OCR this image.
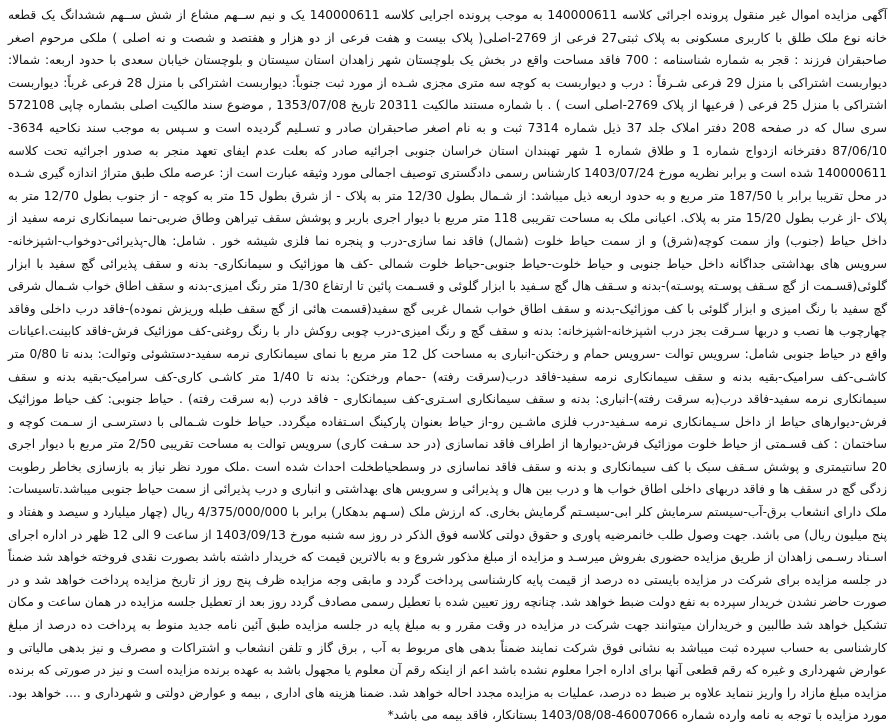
آگهی مزایده اموال غیر منقول پرونده اجرائی کلاسه 140000611 به موجب پرونده اجرایی کلاسه 140000611 یک و نیم ســهم مشاع از شش ســهم ششدانگ یک قطعه خانه نوع ملک طلق با کاربری مسکونی به پلاک ثبتی27 فرعی از 2769-اصلی( پلاک بیست و هفت فرعی از دو هزار و هفتصد و شصت و نه اصلی ) ملکی مرحوم اصغر صاحبقران فرزند : قجر به شماره شناسنامه : 700 فاقد مساحت واقع در بخش یک بلوچستان شهر زاهدان استان سیستان و بلوچستان خیابان سعدی با حدود اربعه: شمالا: دیواربست اشتراکی با منزل 29 فرعی شـرقاً : درب و دیواربست به کوچه سه متری مجزی شـده از مورد ثبت جنوباً: دیواربست اشتراکی با منزل 28 فرعی غرباً: دیواربست اشتراکی با منزل 25 فرعی ( فرعیها از پلاک 2769-اصلی است ) . با شماره مستند مالکیت 20311 تاریخ 1353/07/08 , موضوع سند مالکیت اصلی بشماره چاپی 572108 سری سال که در صفحه 208 دفتر املاک جلد 37 ذیل شماره 7314 ثبت و به نام اصغر صاحبقران صادر و تسـلیم گردیده است و سـپس به موجب سند نکاحیه 3634-87/06/10 دفترخانه ازدواج شماره 1 و طلاق شماره 1 شهر تهبندان استان خراسان جنوبی اجرائیه صادر که بعلت عدم ایفای تعهد منجر به صدور اجرائیه تحت کلاسه 140000611 شده است و برابر نظریه مورخ 1403/07/24 کارشناس رسمی دادگستری توصیف اجمالی مورد وثیقه عبارت است از: عرصه ملک طبق متراژ اندازه گیری شـده در محل تقریبا برابر با 187/50 متر مربع و به حدود اربعه ذیل میباشد: از شـمال بطول 12/30 متر به پلاک - از شرق بطول 15 متر به کوچه - از جنوب بطول 12/70 متر به پلاک -از غرب بطول 15/20 متر به پلاک. اعیانی ملک به مساحت تقریبی 118 متر مربع با دیوار اجری باربر و پوشش سقف تیراهن وطاق ضربی-نما سیمانکاری نرمه سفید از داخل حیاط (جنوب) واز سمت کوچه(شرق) و از سمت حیاط خلوت (شمال) فاقد نما سازی-درب و پنجره نما فلزی شیشه خور . شامل: هال-پذیرائی-دوخواب-اشپزخانه-سرویس های بهداشتی جداگانه داخل حیاط جنوبی و حیاط خلوت-حیاط جنوبی-حیاط خلوت شمالی -کف ها موزائیک و سیمانکاری- بدنه و سقف پذیرائی گچ سفید با ابزار گلوئی(قسـمت از گچ سـقف پوسـته پوسـته)-بدنه و سـقف هال گچ سـفید با ابزار گلوئی و قسـمت پائین تا ارتفاع 1/30 متر رنگ امیزی-بدنه و سقف اطاق خواب شـمال شرقی گچ سفید با رنگ امیزی و ابزار گلوئی با کف موزائیک-بدنه و سقف اطاق خواب شمال غربی گچ سفید(قسمت هائی از گچ سقف طبله وریزش نموده)-فاقد درب داخلی وفاقد چهارچوب ها نصب و دربها سـرقت بجز درب اشپزخانه-اشپزخانه: بدنه و سقف گچ و رنگ امیزی-درب چوبی روکش دار با رنگ روغنی-کف موزائیک فرش-فاقد کابینت.اعیانات واقع در حیاط جنوبی شامل: سرویس توالت -سرویس حمام و رختکن-انباری به مساحت کل 12 متر مربع با نمای سیمانکاری نرمه سفید-دستشوئی وتوالت: بدنه تا 0/80 متر کاشـی-کف سرامیک-بقیه بدنه و سقف سیمانکاری نرمه سفید-فاقد درب(سرقت رفته) -حمام ورختکن: بدنه تا 1/40 متر کاشـی کاری-کف سرامیک-بقیه بدنه و سقف سیمانکاری نرمه سفید-فاقد درب(به سرقت رفته)-انباری: بدنه و سقف سیمانکاری اسـتری-کف سیمانکاری - فاقد درب (به سرقت رفته) . حیاط جنوبی: کف حیاط موزائیک فرش-دیوارهای حیاط از داخل سـیمانکاری نرمه سـفید-درب فلزی ماشـین رو-از حیاط بعنوان پارکینگ اسـتفاده میگردد. حیاط خلوت شـمالی با دسترسـی از سـمت کوچه و ساختمان : کف قسـمتی از حیاط خلوت موزائیک فرش-دیوارها از اطراف فاقد نماسازی (در حد سـفت کاری) سرویس توالت به مساحت تقریبی 2/50 متر مربع با دیوار اجری 20 سانتیمتری و پوشش سـقف سبک با کف سیمانکاری و بدنه و سقف فاقد نماسازی در وسطحیاطخلت احداث شده است .ملک مورد نظر نیاز به بازسازی بخاطر رطوبت زدگی گچ در سقف ها و فاقد دربهای داخلی اطاق خواب ها و درب بین هال و پذیرائی و سرویس های بهداشتی و انباری و درب پذیرائی از سمت حیاط جنوبی میباشد.تاسیسات: ملک دارای انشعاب برق-آب-سیستم سرمایش کلر ابی-سیسـتم گرمایش بخاری. که ارزش ملک (سـهم بدهکار) برابر با 4/375/000/000 ریال (چهار میلیارد و سیصد و هفتاد و پنج میلیون ریال) می باشد. جهت وصول طلب خانمرضیه پاوری و حقوق دولتی کلاسه فوق الذکر در روز سه شنبه مورخ 1403/09/13 از ساعت 9 الی 12 ظهر در اداره اجرای اسـناد رسـمی زاهدان از طریق مزایده حضوری بفروش میرسـد و مزایده از مبلغ مذکور شروع و به بالاترین قیمت که خریدار داشته باشد بصورت نقدی فروخته خواهد شد ضمناً در جلسه مزایده برای شرکت در مزایده بایستی ده درصد از قیمت پایه کارشناسی پرداخت گردد و مابقی وجه مزایده ظرف پنج روز از تاریخ مزایده پرداخت خواهد شد و در صورت حاضر نشدن خریدار سپرده به نفع دولت ضبط خواهد شد. چنانچه روز تعیین شده با تعطیل رسمی مصادف گردد روز بعد از تعطیل جلسه مزایده در همان ساعت و مکان تشکیل خواهد شد طالبین و خریداران میتوانند جهت شرکت در مزایده در وقت مقرر و به مبلغ پایه در جلسه مزایده طبق آئین نامه جدید منوط به پرداخت ده درصد از مبلغ کارشناسی به حساب سپرده ثبت میباشد به نشانی فوق شرکت نمایند ضمناً بدهی های مربوط به آب , برق گاز و تلفن انشعاب و اشتراکات و مصرف و نیز بدهی مالیاتی و عوارض شهرداری و غیره که رقم قطعی آنها برای اداره اجرا معلوم نشده باشد اعم از اینکه رقم آن معلوم یا مجهول باشد به عهده برنده مزایده است و نیز در صورتی که برنده مزایده مبلغ مازاد را واریز ننماید علاوه بر ضبط ده درصد، عملیات به مزایده مجدد احاله خواهد شد. ضمنا هزینه های اداری , بیمه و عوارض دولتی و شهرداری و .... خواهد بود. مورد مزایده با توجه به نامه وارده شماره 46007066-1403/08/08 بستانکار، فاقد بیمه می باشد*
